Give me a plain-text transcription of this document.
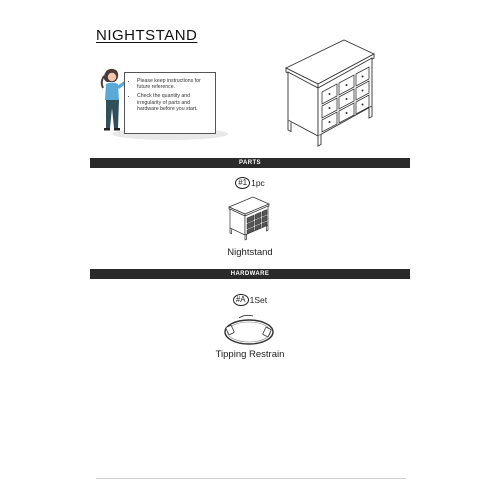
NIGHTSTAND
• Please keep instructions for future reference.
• Check the quantity and irregularity of parts and hardware before you start.
PARTS
#1 1pc
Nightstand
HARDWARE
#A 1Set
Tipping Restrain
